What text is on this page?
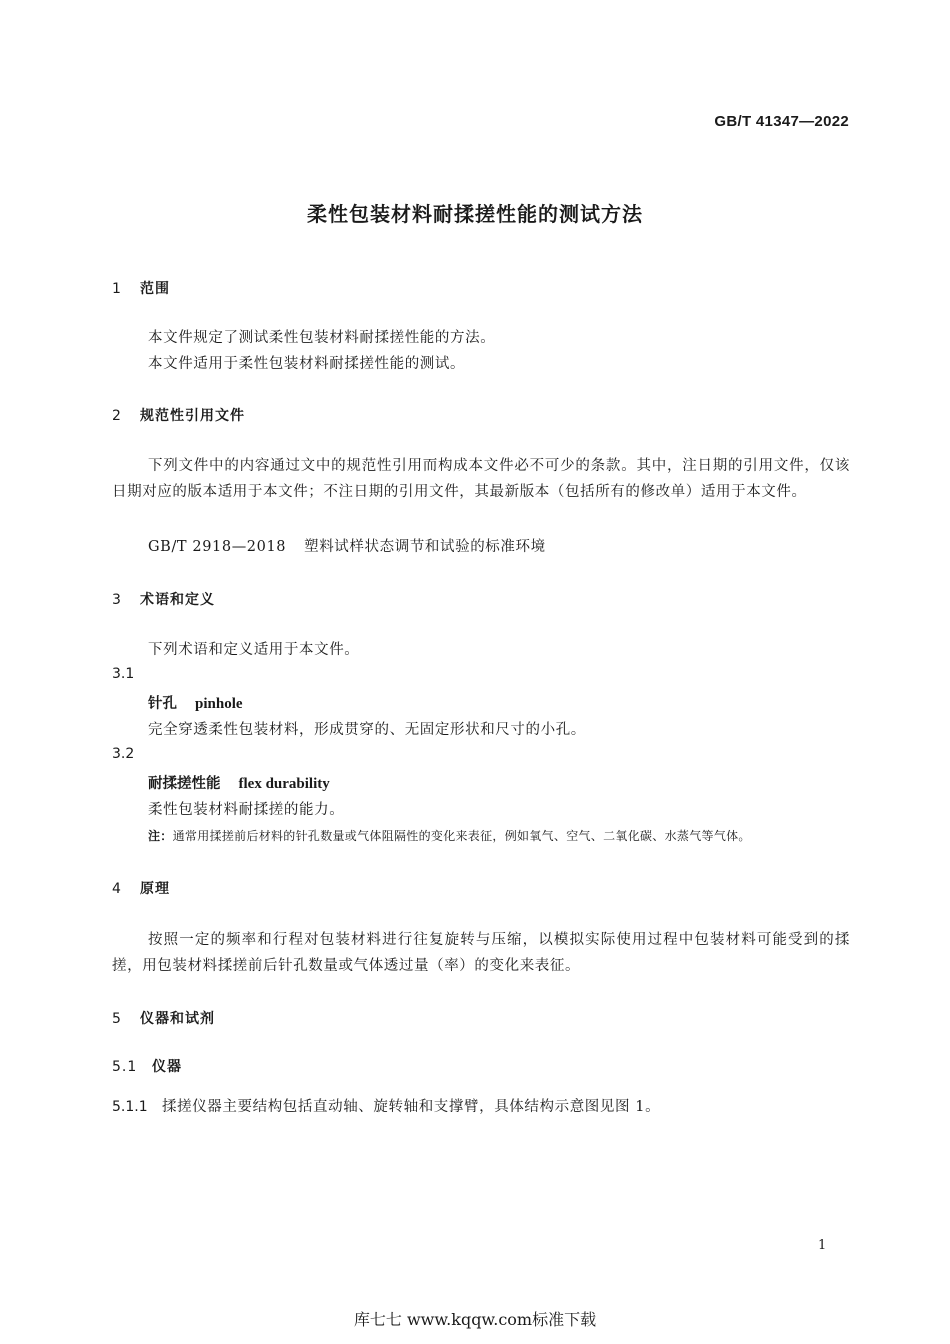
GB/T 41347—2022
柔性包装材料耐揉搓性能的测试方法
1 范围
本文件规定了测试柔性包装材料耐揉搓性能的方法。
本文件适用于柔性包装材料耐揉搓性能的测试。
2 规范性引用文件
下列文件中的内容通过文中的规范性引用而构成本文件必不可少的条款。其中，注日期的引用文件，仅该日期对应的版本适用于本文件；不注日期的引用文件，其最新版本（包括所有的修改单）适用于本文件。
GB/T 2918—2018 塑料试样状态调节和试验的标准环境
3 术语和定义
下列术语和定义适用于本文件。
3.1
针孔 pinhole
完全穿透柔性包装材料，形成贯穿的、无固定形状和尺寸的小孔。
3.2
耐揉搓性能 flex durability
柔性包装材料耐揉搓的能力。
注：通常用揉搓前后材料的针孔数量或气体阻隔性的变化来表征，例如氧气、空气、二氧化碳、水蒸气等气体。
4 原理
按照一定的频率和行程对包装材料进行往复旋转与压缩，以模拟实际使用过程中包装材料可能受到的揉搓，用包装材料揉搓前后针孔数量或气体透过量（率）的变化来表征。
5 仪器和试剂
5.1 仪器
5.1.1 揉搓仪器主要结构包括直动轴、旋转轴和支撑臂，具体结构示意图见图 1。
1
库七七 www.kqqw.com标准下载
